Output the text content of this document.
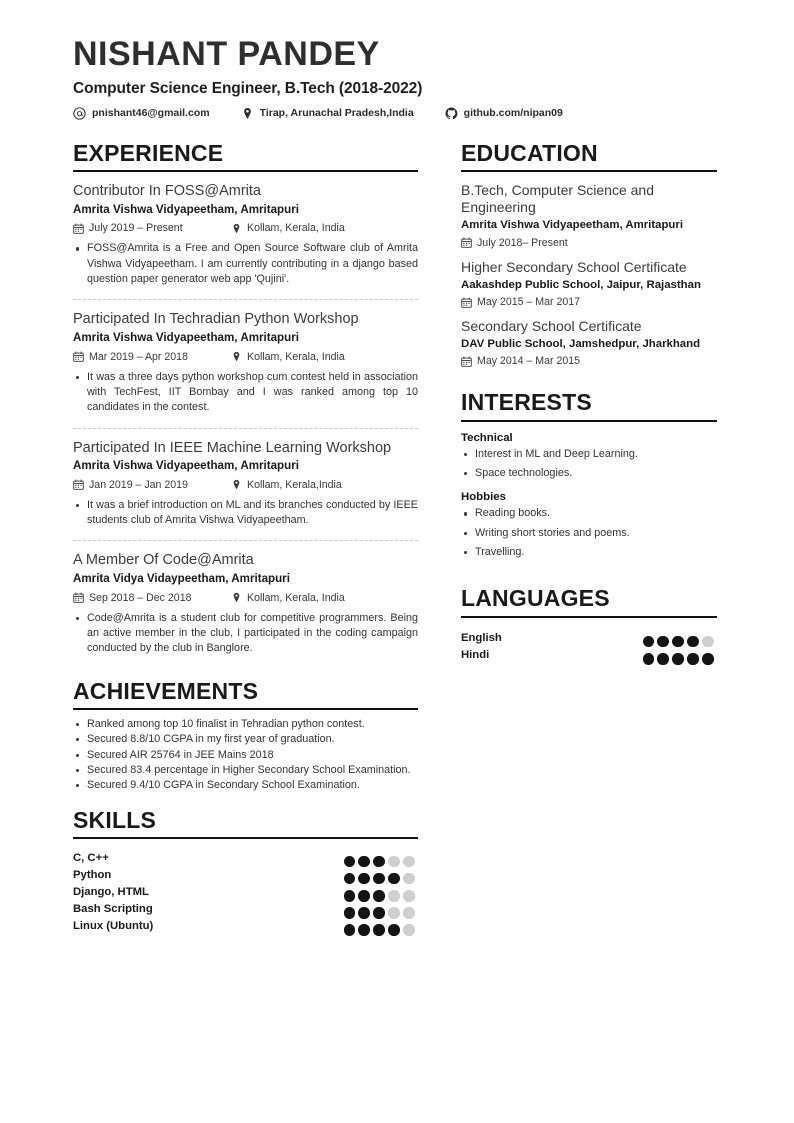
NISHANT PANDEY
Computer Science Engineer, B.Tech (2018-2022)
pnishant46@gmail.com	Tirap, Arunachal Pradesh,India	github.com/nipan09
EXPERIENCE
Contributor In FOSS@Amrita
Amrita Vishwa Vidyapeetham, Amritapuri
July 2019 – Present	Kollam, Kerala, India
FOSS@Amrita is a Free and Open Source Software club of Amrita Vishwa Vidyapeetham. I am currently contributing in a django based question paper generator web app 'Qujini'.
Participated In Techradian Python Workshop
Amrita Vishwa Vidyapeetham, Amritapuri
Mar 2019 – Apr 2018	Kollam, Kerala, India
It was a three days python workshop cum contest held in association with TechFest, IIT Bombay and I was ranked among top 10 candidates in the contest.
Participated In IEEE Machine Learning Workshop
Amrita Vishwa Vidyapeetham, Amritapuri
Jan 2019 – Jan 2019	Kollam, Kerala,India
It was a brief introduction on ML and its branches conducted by IEEE students club of Amrita Vishwa Vidyapeetham.
A Member Of Code@Amrita
Amrita Vidya Vidaypeetham, Amritapuri
Sep 2018 – Dec 2018	Kollam, Kerala, India
Code@Amrita is a student club for competitive programmers. Being an active member in the club, I participated in the coding campaign conducted by the club in Banglore.
ACHIEVEMENTS
Ranked among top 10 finalist in Tehradian python contest.
Secured 8.8/10 CGPA in my first year of graduation.
Secured AIR 25764 in JEE Mains 2018
Secured 83.4 percentage in Higher Secondary School Examination.
Secured 9.4/10 CGPA in Secondary School Examination.
SKILLS
C, C++
Python
Django, HTML
Bash Scripting
Linux (Ubuntu)
EDUCATION
B.Tech, Computer Science and Engineering
Amrita Vishwa Vidyapeetham, Amritapuri
July 2018– Present
Higher Secondary School Certificate
Aakashdep Public School, Jaipur, Rajasthan
May 2015 – Mar 2017
Secondary School Certificate
DAV Public School, Jamshedpur, Jharkhand
May 2014 – Mar 2015
INTERESTS
Technical
Interest in ML and Deep Learning.
Space technologies.
Hobbies
Reading books.
Writing short stories and poems.
Travelling.
LANGUAGES
English
Hindi
